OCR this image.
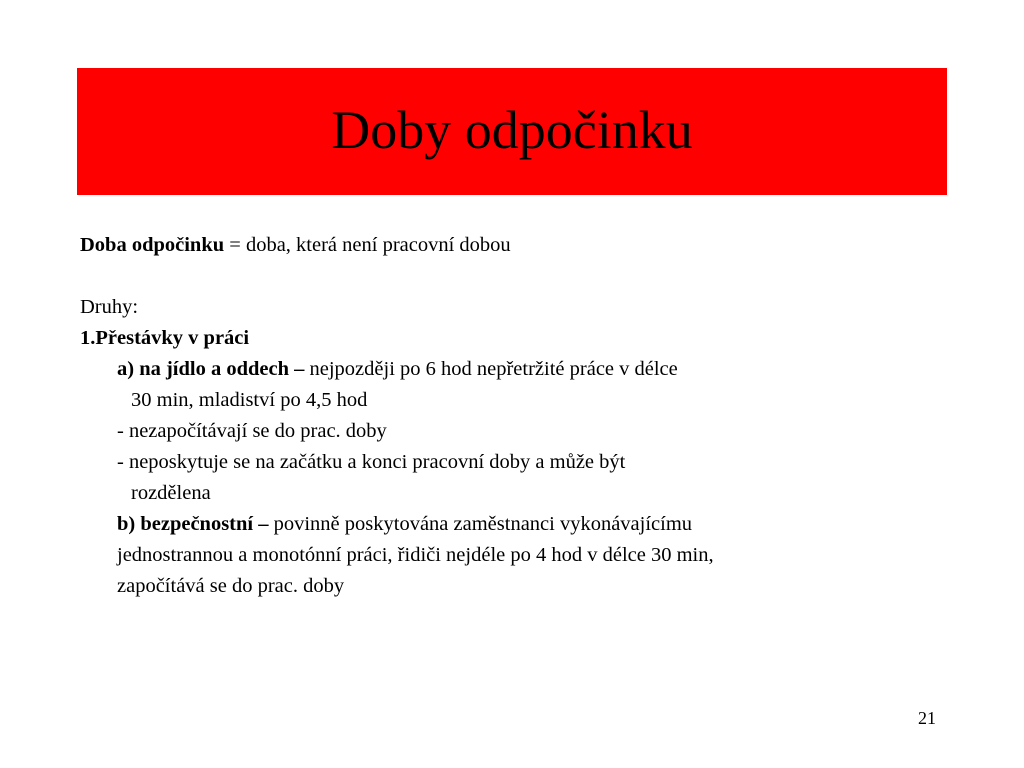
Doby odpočinku
Doba odpočinku = doba, která není pracovní dobou
Druhy:
1.Přestávky v práci
a) na jídlo a oddech – nejpozději po 6 hod nepřetržité práce v délce
30 min, mladiství po 4,5 hod
- nezapočítávají se do prac. doby
- neposkytuje se na začátku a konci pracovní doby a může být
rozdělena
b) bezpečnostní – povinně poskytována zaměstnanci vykonávajícímu
jednostrannou a monotónní práci, řidiči nejdéle po 4 hod v délce 30 min,
započítává se do prac. doby
21
